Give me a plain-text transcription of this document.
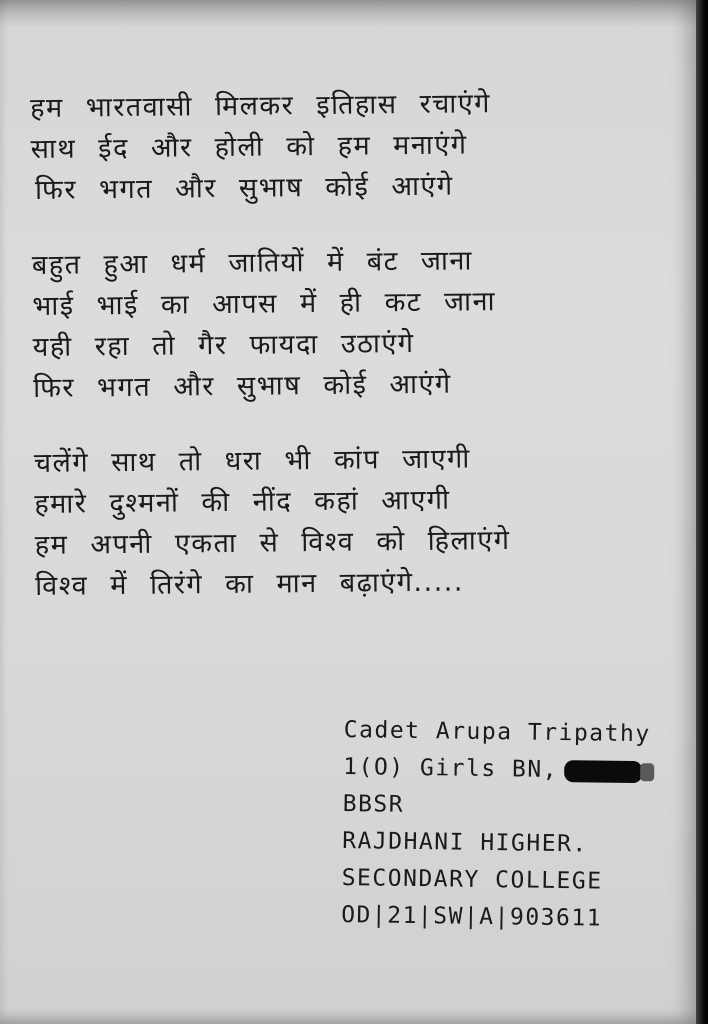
हम भारतवासी मिलकर इतिहास रचाएंगे
साथ ईद और होली को हम मनाएंगे
फिर भगत और सुभाष कोई आएंगे
बहुत हुआ धर्म जातियों में बंट जाना
भाई भाई का आपस में ही कट जाना
यही रहा तो गैर फायदा उठाएंगे
फिर भगत और सुभाष कोई आएंगे
चलेंगे साथ तो धरा भी कांप जाएगी
हमारे दुश्मनों की नींद कहां आएगी
हम अपनी एकता से विश्व को हिलाएंगे
विश्व में तिरंगे का मान बढ़ाएंगे.....
Cadet Arupa Tripathy
1(O) Girls BN,
BBSR
RAJDHANI HIGHER.
SECONDARY COLLEGE
OD|21|SW|A|903611
